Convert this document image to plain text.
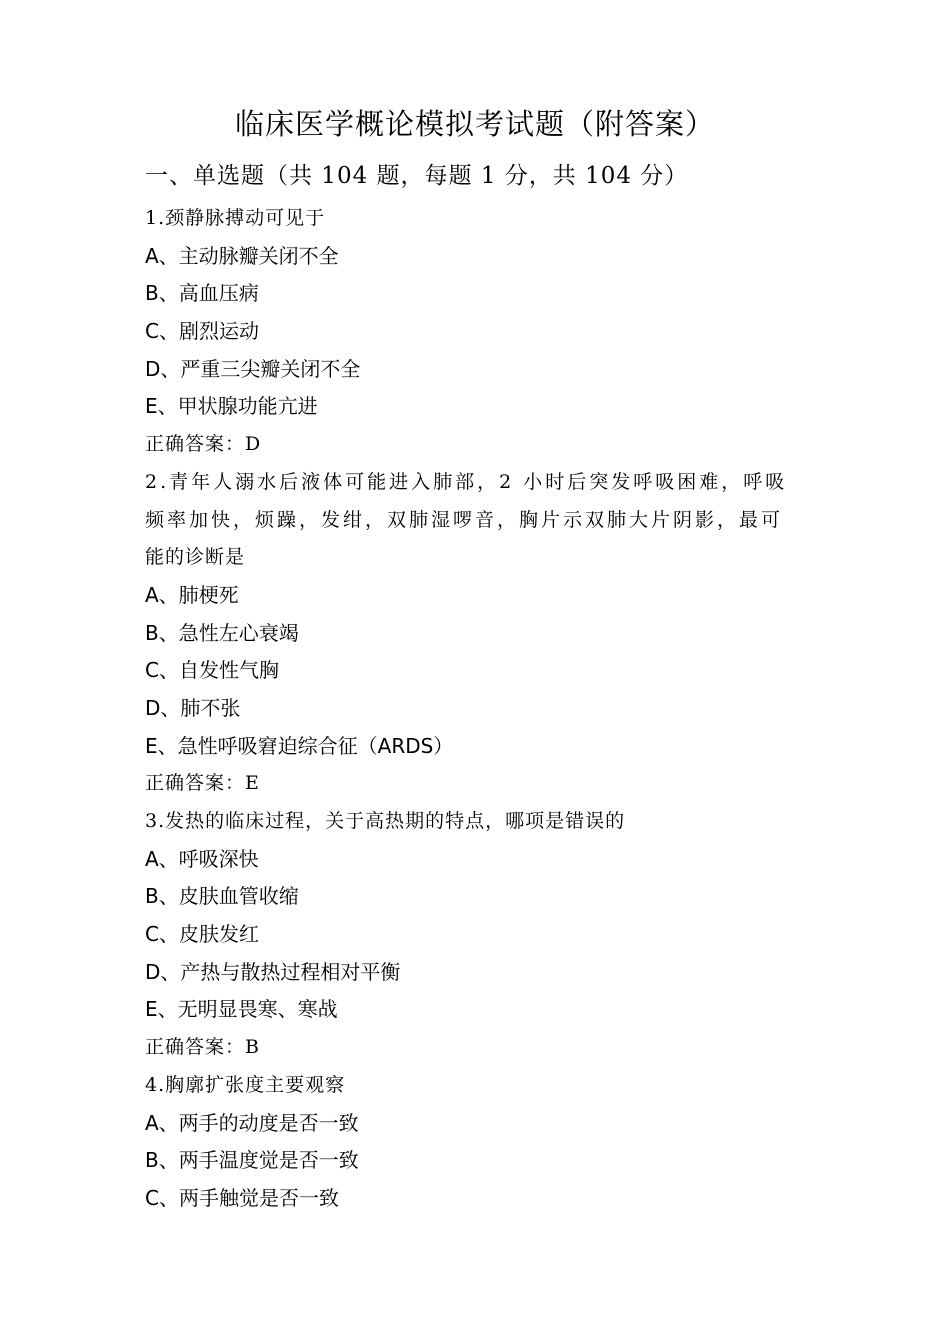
临床医学概论模拟考试题（附答案）
一、单选题（共 104 题，每题 1 分，共 104 分）
1.颈静脉搏动可见于
A、主动脉瓣关闭不全
B、高血压病
C、剧烈运动
D、严重三尖瓣关闭不全
E、甲状腺功能亢进
正确答案：D
2.青年人溺水后液体可能进入肺部，2 小时后突发呼吸困难，呼吸
频率加快，烦躁，发绀，双肺湿啰音，胸片示双肺大片阴影，最可
能的诊断是
A、肺梗死
B、急性左心衰竭
C、自发性气胸
D、肺不张
E、急性呼吸窘迫综合征（ARDS）
正确答案：E
3.发热的临床过程，关于高热期的特点，哪项是错误的
A、呼吸深快
B、皮肤血管收缩
C、皮肤发红
D、产热与散热过程相对平衡
E、无明显畏寒、寒战
正确答案：B
4.胸廓扩张度主要观察
A、两手的动度是否一致
B、两手温度觉是否一致
C、两手触觉是否一致
